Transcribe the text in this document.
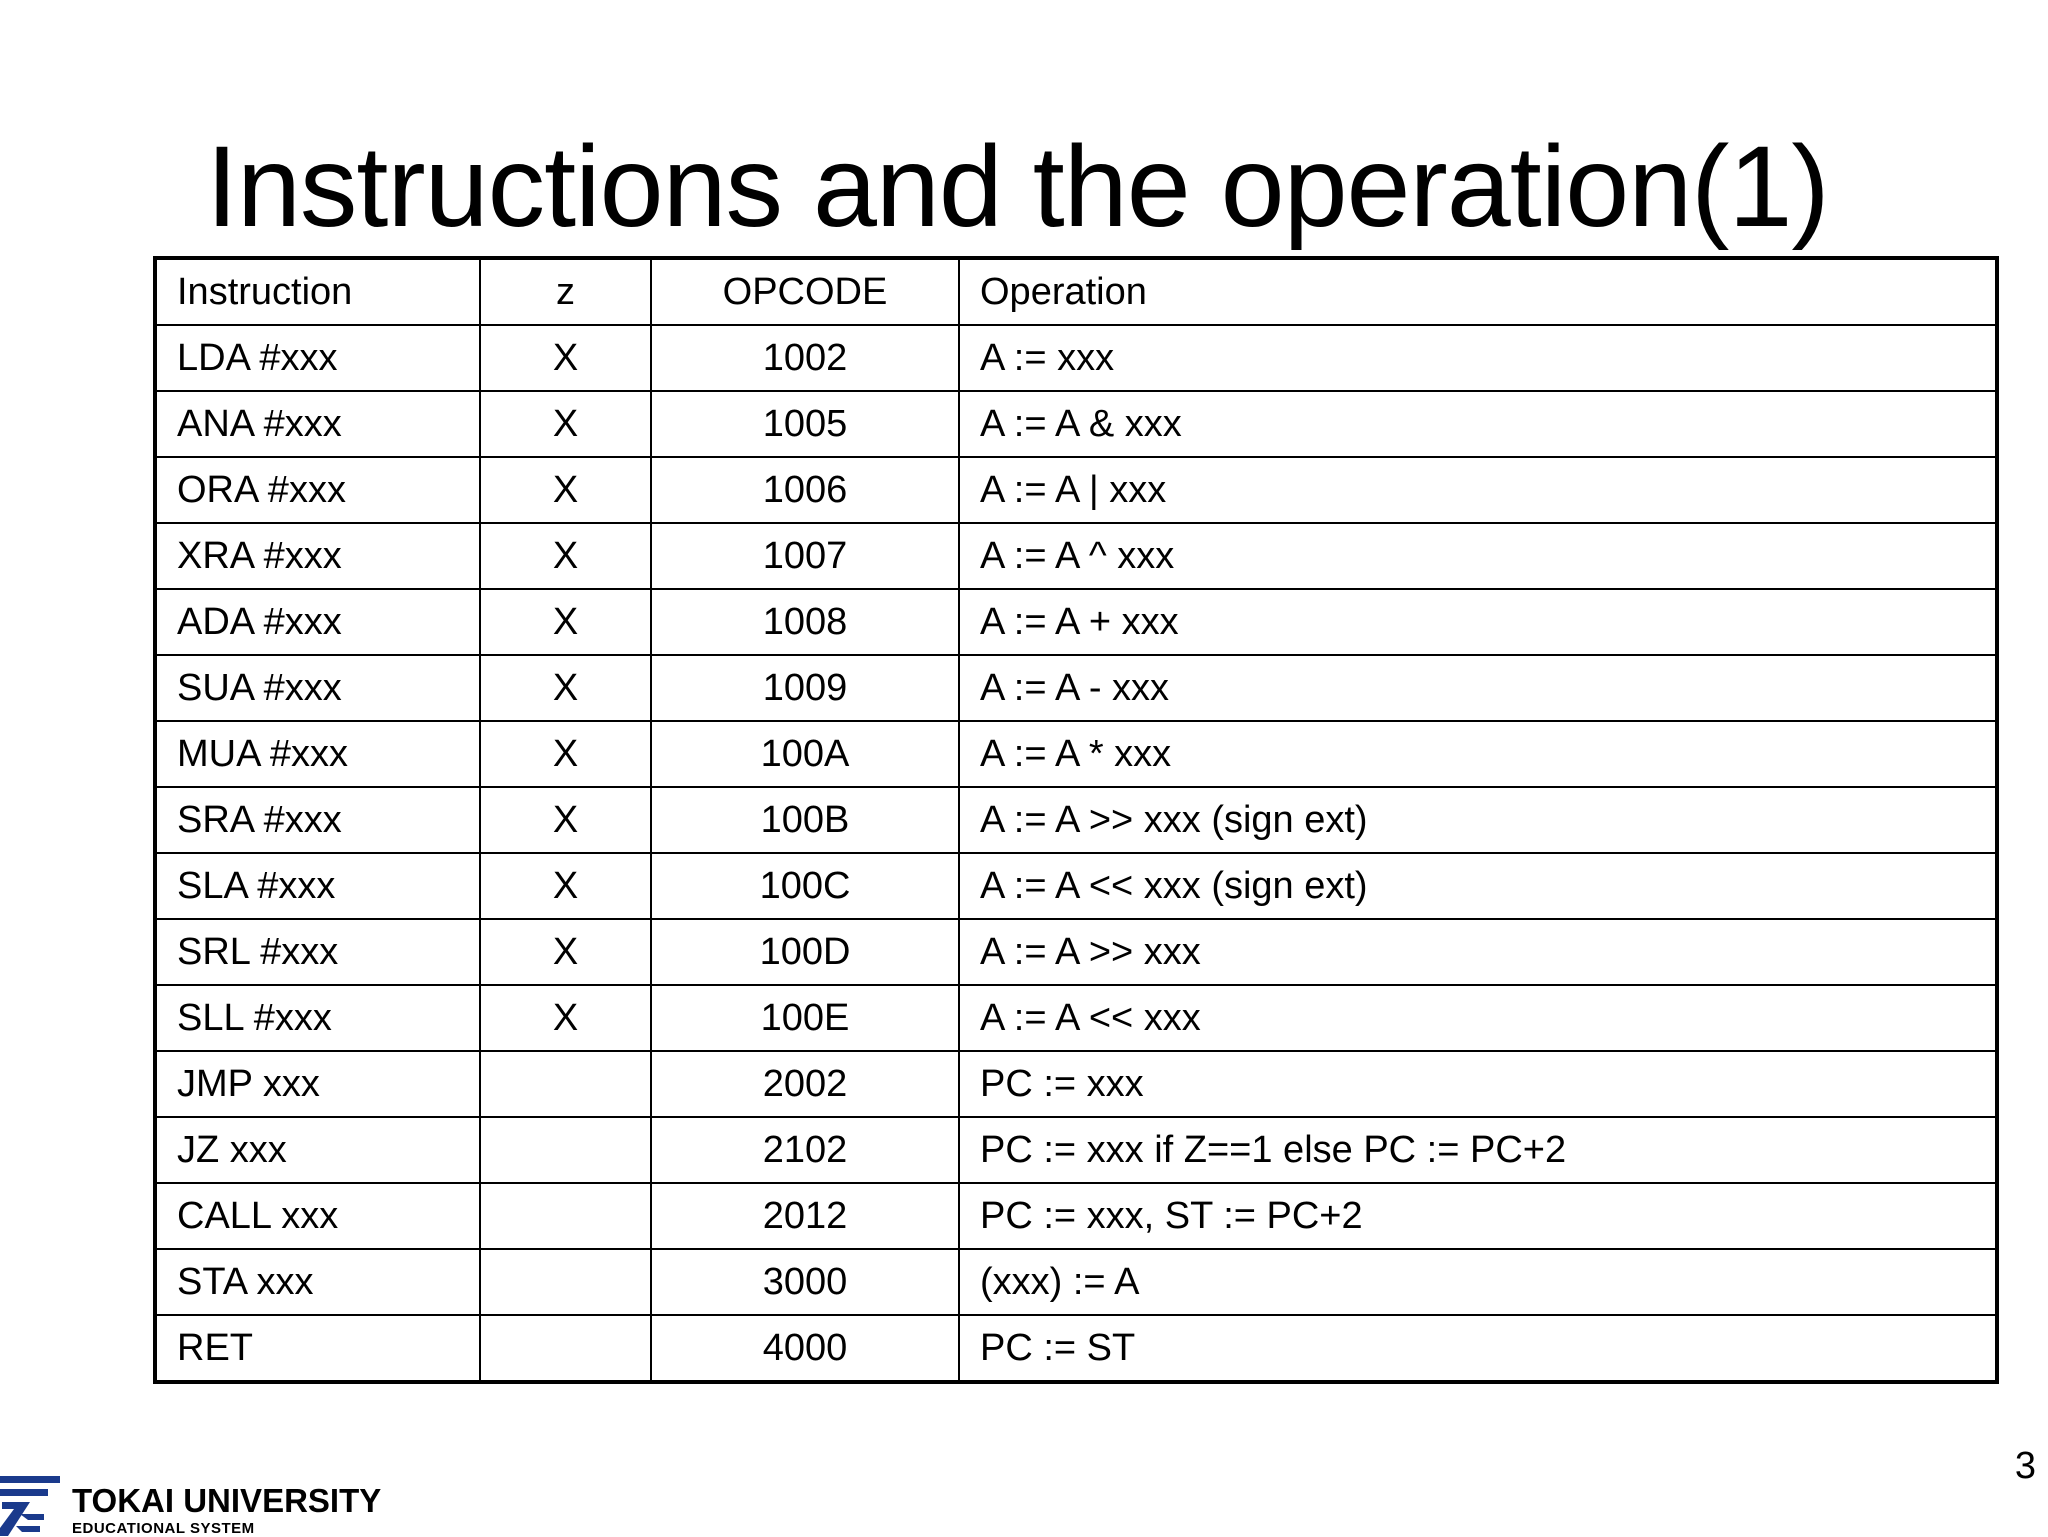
Instructions and the operation(1)
Instruction	z	OPCODE	Operation
LDA #xxx	X	1002	A := xxx
ANA #xxx	X	1005	A := A & xxx
ORA #xxx	X	1006	A := A | xxx
XRA #xxx	X	1007	A := A ^ xxx
ADA #xxx	X	1008	A := A + xxx
SUA #xxx	X	1009	A := A - xxx
MUA #xxx	X	100A	A := A * xxx
SRA #xxx	X	100B	A := A >> xxx (sign ext)
SLA #xxx	X	100C	A := A << xxx (sign ext)
SRL #xxx	X	100D	A := A >> xxx
SLL #xxx	X	100E	A := A << xxx
JMP xxx		2002	PC := xxx
JZ xxx		2102	PC := xxx if Z==1 else PC := PC+2
CALL xxx		2012	PC := xxx, ST := PC+2
STA xxx		3000	(xxx) := A
RET		4000	PC := ST
3
TOKAI UNIVERSITY
EDUCATIONAL SYSTEM
